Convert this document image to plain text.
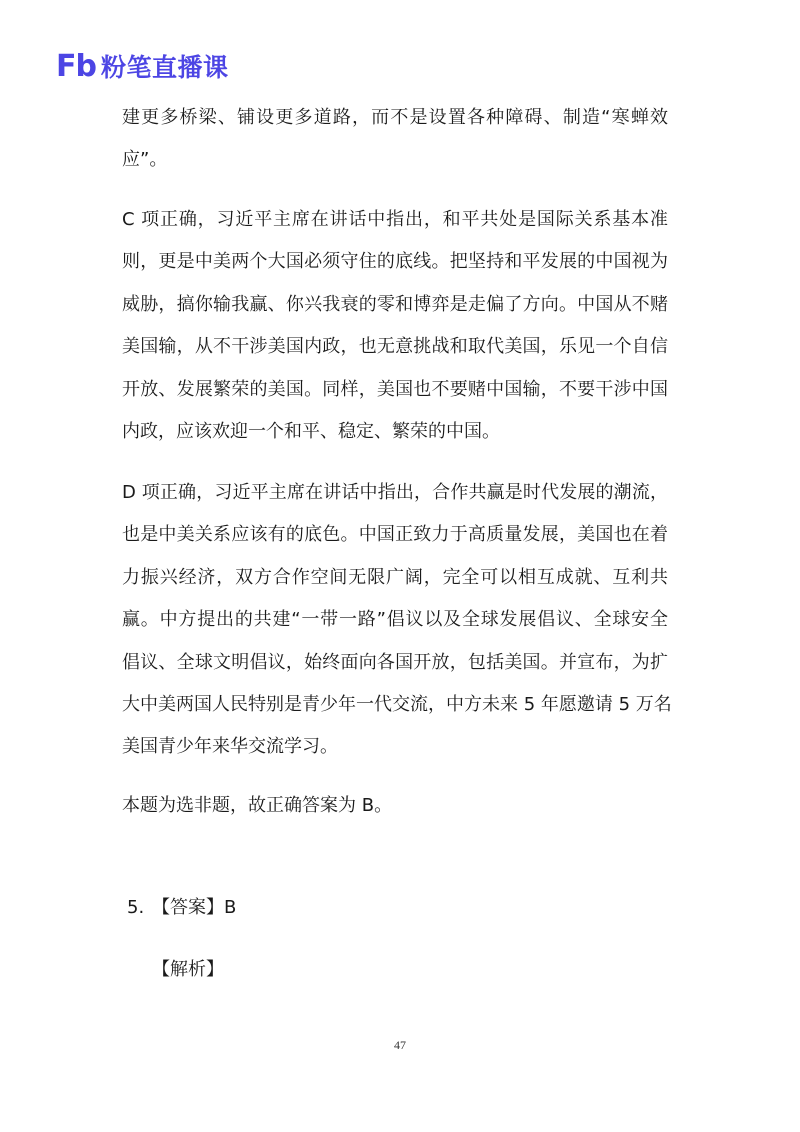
Fb 粉笔直播课
建更多桥梁、铺设更多道路，而不是设置各种障碍、制造“寒蝉效
应”。
C 项正确，习近平主席在讲话中指出，和平共处是国际关系基本准
则，更是中美两个大国必须守住的底线。把坚持和平发展的中国视为
威胁，搞你输我赢、你兴我衰的零和博弈是走偏了方向。中国从不赌
美国输，从不干涉美国内政，也无意挑战和取代美国，乐见一个自信
开放、发展繁荣的美国。同样，美国也不要赌中国输，不要干涉中国
内政，应该欢迎一个和平、稳定、繁荣的中国。
D 项正确，习近平主席在讲话中指出，合作共赢是时代发展的潮流，
也是中美关系应该有的底色。中国正致力于高质量发展，美国也在着
力振兴经济，双方合作空间无限广阔，完全可以相互成就、互利共
赢。中方提出的共建“一带一路”倡议以及全球发展倡议、全球安全
倡议、全球文明倡议，始终面向各国开放，包括美国。并宣布，为扩
大中美两国人民特别是青少年一代交流，中方未来 5 年愿邀请 5 万名
美国青少年来华交流学习。
本题为选非题，故正确答案为 B。
5. 【答案】B
【解析】
47
